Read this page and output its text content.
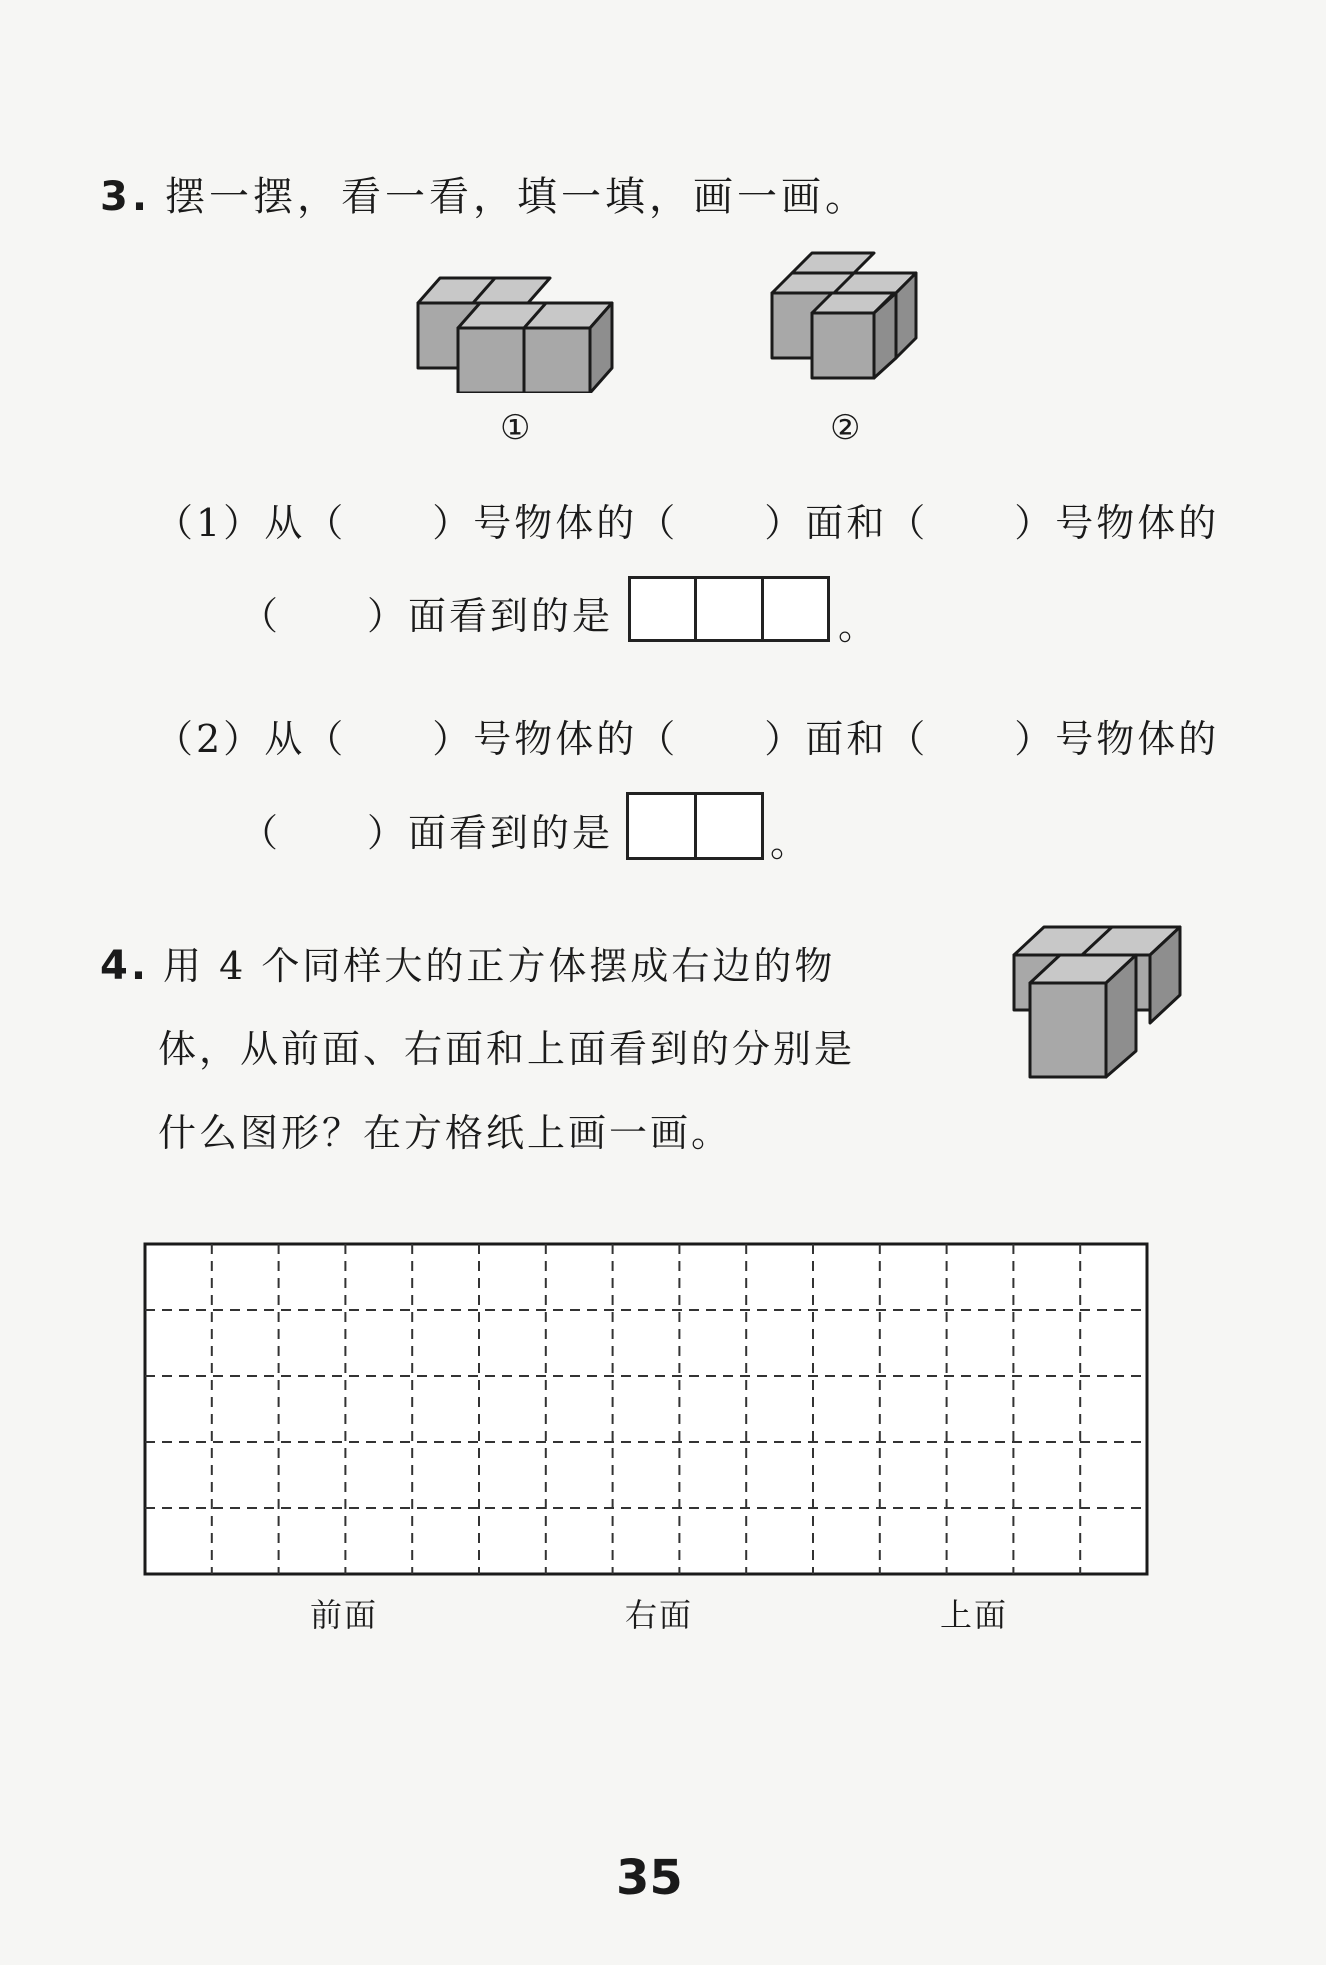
3. 摆一摆，看一看，填一填，画一画。
①	②
（1）从（ ）号物体的（ ）面和（ ）号物体的
（ ）面看到的是	。
（2）从（ ）号物体的（ ）面和（ ）号物体的
（ ）面看到的是	。
4. 用 4 个同样大的正方体摆成右边的物
体，从前面、右面和上面看到的分别是
什么图形？在方格纸上画一画。
前面	右面	上面
35
